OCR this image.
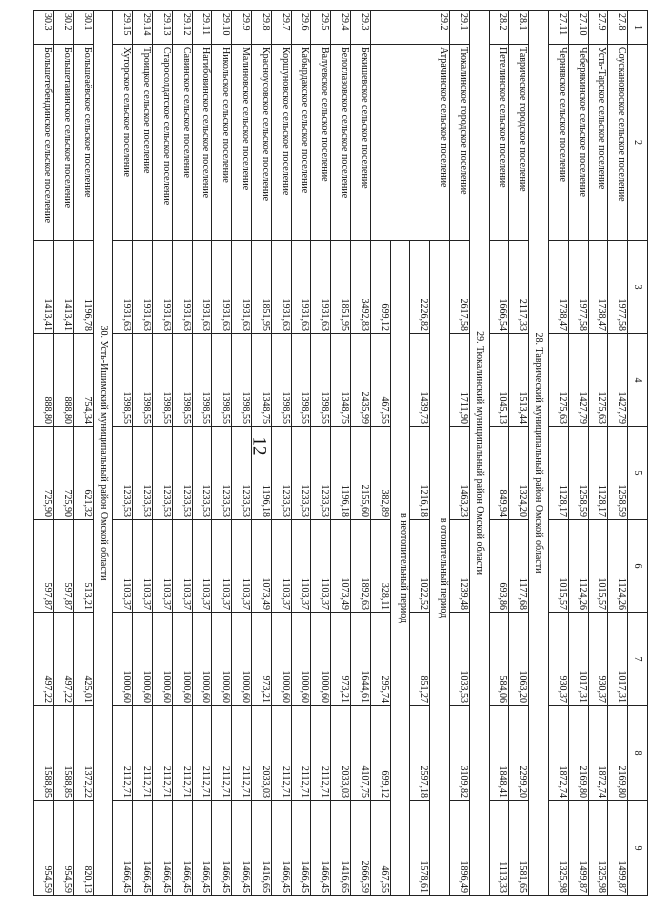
12
1	2	3	4	5	6	7	8	9
27.8	Соускановоское сельское поселение	1977,58	1427,79	1258,59	1124,26	1017,31	2169,80	1499,87
27.9	Усть-Тарское сельское поселение	1738,47	1275,63	1128,17	1015,57	930,37	1872,74	1325,98
27.10	Чеберякинское сельское поселение	1977,58	1427,79	1258,59	1124,26	1017,31	2169,80	1499,87
27.11	Чернявское сельское поселение	1738,47	1275,63	1128,17	1015,57	930,37	1872,74	1325,98
28. Таврический муниципальный район Омской области								
28.1	Таврическое городское поселение	2117,33	1513,44	1324,20	1177,68	1063,20	2299,20	1581,65
28.2	Петелинское сельское поселение	1666,54	1045,13	849,94	693,86	584,06	1848,41	1113,33
29. Тюкалинский муниципальный район Омской области								
29.1	Тюкалинское городское поселение	2617,58	1711,90	1463,23	1239,48	1033,53	3109,82	1896,49
29.2	Атрачинское сельское поселение	в отопительный период						
		2226,82	1439,73	1216,18	1022,52	851,27	2597,18	1578,61
		в неотопительный период						
		699,12	467,55	382,89	328,11	295,74	699,12	467,55
29.3	Бекишевское сельское поселение	3492,83	2435,99	2155,60	1892,63	1644,61	4107,75	2666,59
29.4	Белоглазовское сельское поселение	1851,95	1348,75	1196,18	1073,49	973,21	2033,03	1416,65
29.5	Валуевское сельское поселение	1931,63	1398,55	1233,53	1103,37	1000,60	2112,71	1466,45
29.6	Кабырдакское сельское поселение	1931,63	1398,55	1233,53	1103,37	1000,60	2112,71	1466,45
29.7	Коршуновское сельское поселение	1931,63	1398,55	1233,53	1103,37	1000,60	2112,71	1466,45
29.8	Красноусовское сельское поселение	1851,95	1348,75	1196,18	1073,49	973,21	2033,03	1416,65
29.9	Малиновское сельское поселение	1931,63	1398,55	1233,53	1103,37	1000,60	2112,71	1466,45
29.10	Никольское сельское поселение	1931,63	1398,55	1233,53	1103,37	1000,60	2112,71	1466,45
29.11	Нагибовинское сельское поселение	1931,63	1398,55	1233,53	1103,37	1000,60	2112,71	1466,45
29.12	Савинское сельское поселение	1931,63	1398,55	1233,53	1103,37	1000,60	2112,71	1466,45
29.13	Старосолдатское сельское поселение	1931,63	1398,55	1233,53	1103,37	1000,60	2112,71	1466,45
29.14	Троицкое сельское поселение	1931,63	1398,55	1233,53	1103,37	1000,60	2112,71	1466,45
29.15	Хуторское сельское поселение	1931,63	1398,55	1233,53	1103,37	1000,60	2112,71	1466,45
30. Усть-Ишимский муниципальный район Омской области								
30.1	Большеаёвское сельское поселение	1196,78	754,34	621,32	513,21	425,01	1372,22	820,13
30.2	Большетавинское сельское поселение	1413,41	888,80	725,90	597,87	497,22	1588,85	954,59
30.3	Большетебендинское сельское поселение	1413,41	888,80	725,90	597,87	497,22	1588,85	954,59
